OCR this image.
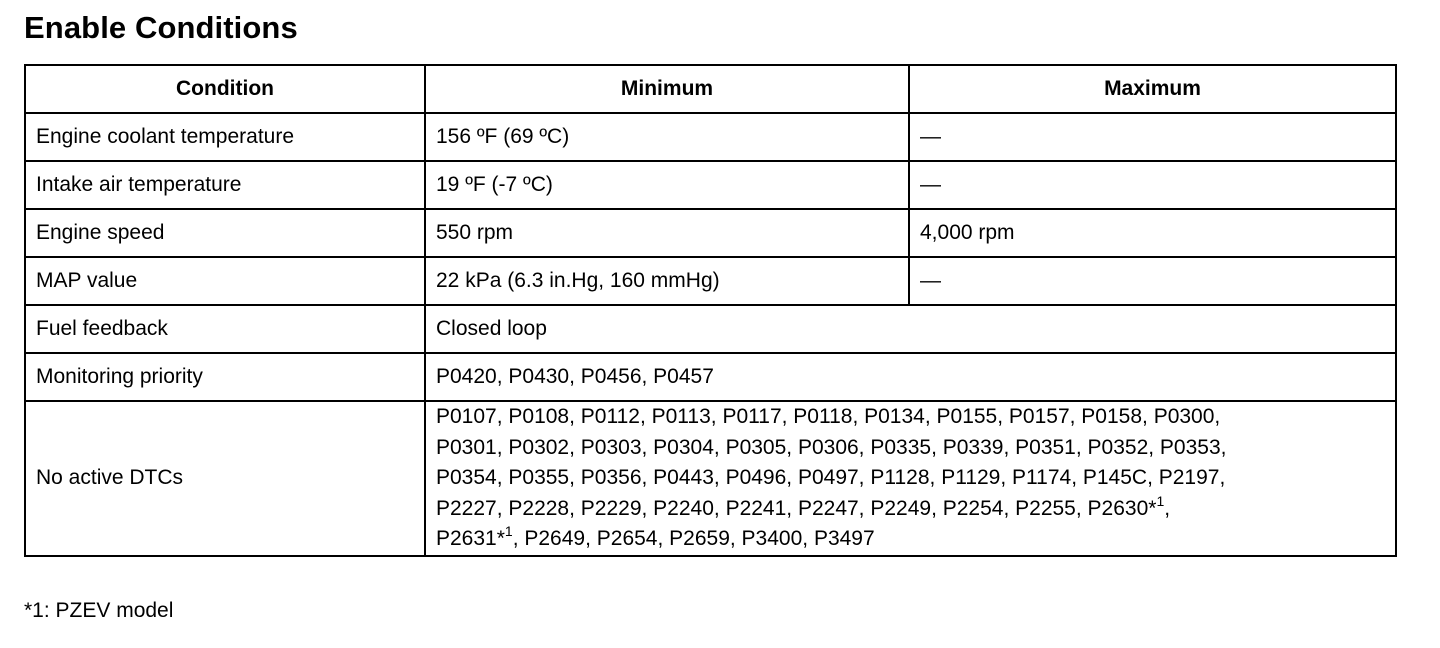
Enable Conditions
Condition	Minimum	Maximum
Engine coolant temperature	156 ºF (69 ºC)	—
Intake air temperature	19 ºF (-7 ºC)	—
Engine speed	550 rpm	4,000 rpm
MAP value	22 kPa (6.3 in.Hg, 160 mmHg)	—
Fuel feedback	Closed loop	
Monitoring priority	P0420, P0430, P0456, P0457	
No active DTCs	P0107, P0108, P0112, P0113, P0117, P0118, P0134, P0155, P0157, P0158, P0300,
P0301, P0302, P0303, P0304, P0305, P0306, P0335, P0339, P0351, P0352, P0353,
P0354, P0355, P0356, P0443, P0496, P0497, P1128, P1129, P1174, P145C, P2197,
P2227, P2228, P2229, P2240, P2241, P2247, P2249, P2254, P2255, P2630*$^1$,
P2631*$^1$, P2649, P2654, P2659, P3400, P3497	

*1: PZEV model
